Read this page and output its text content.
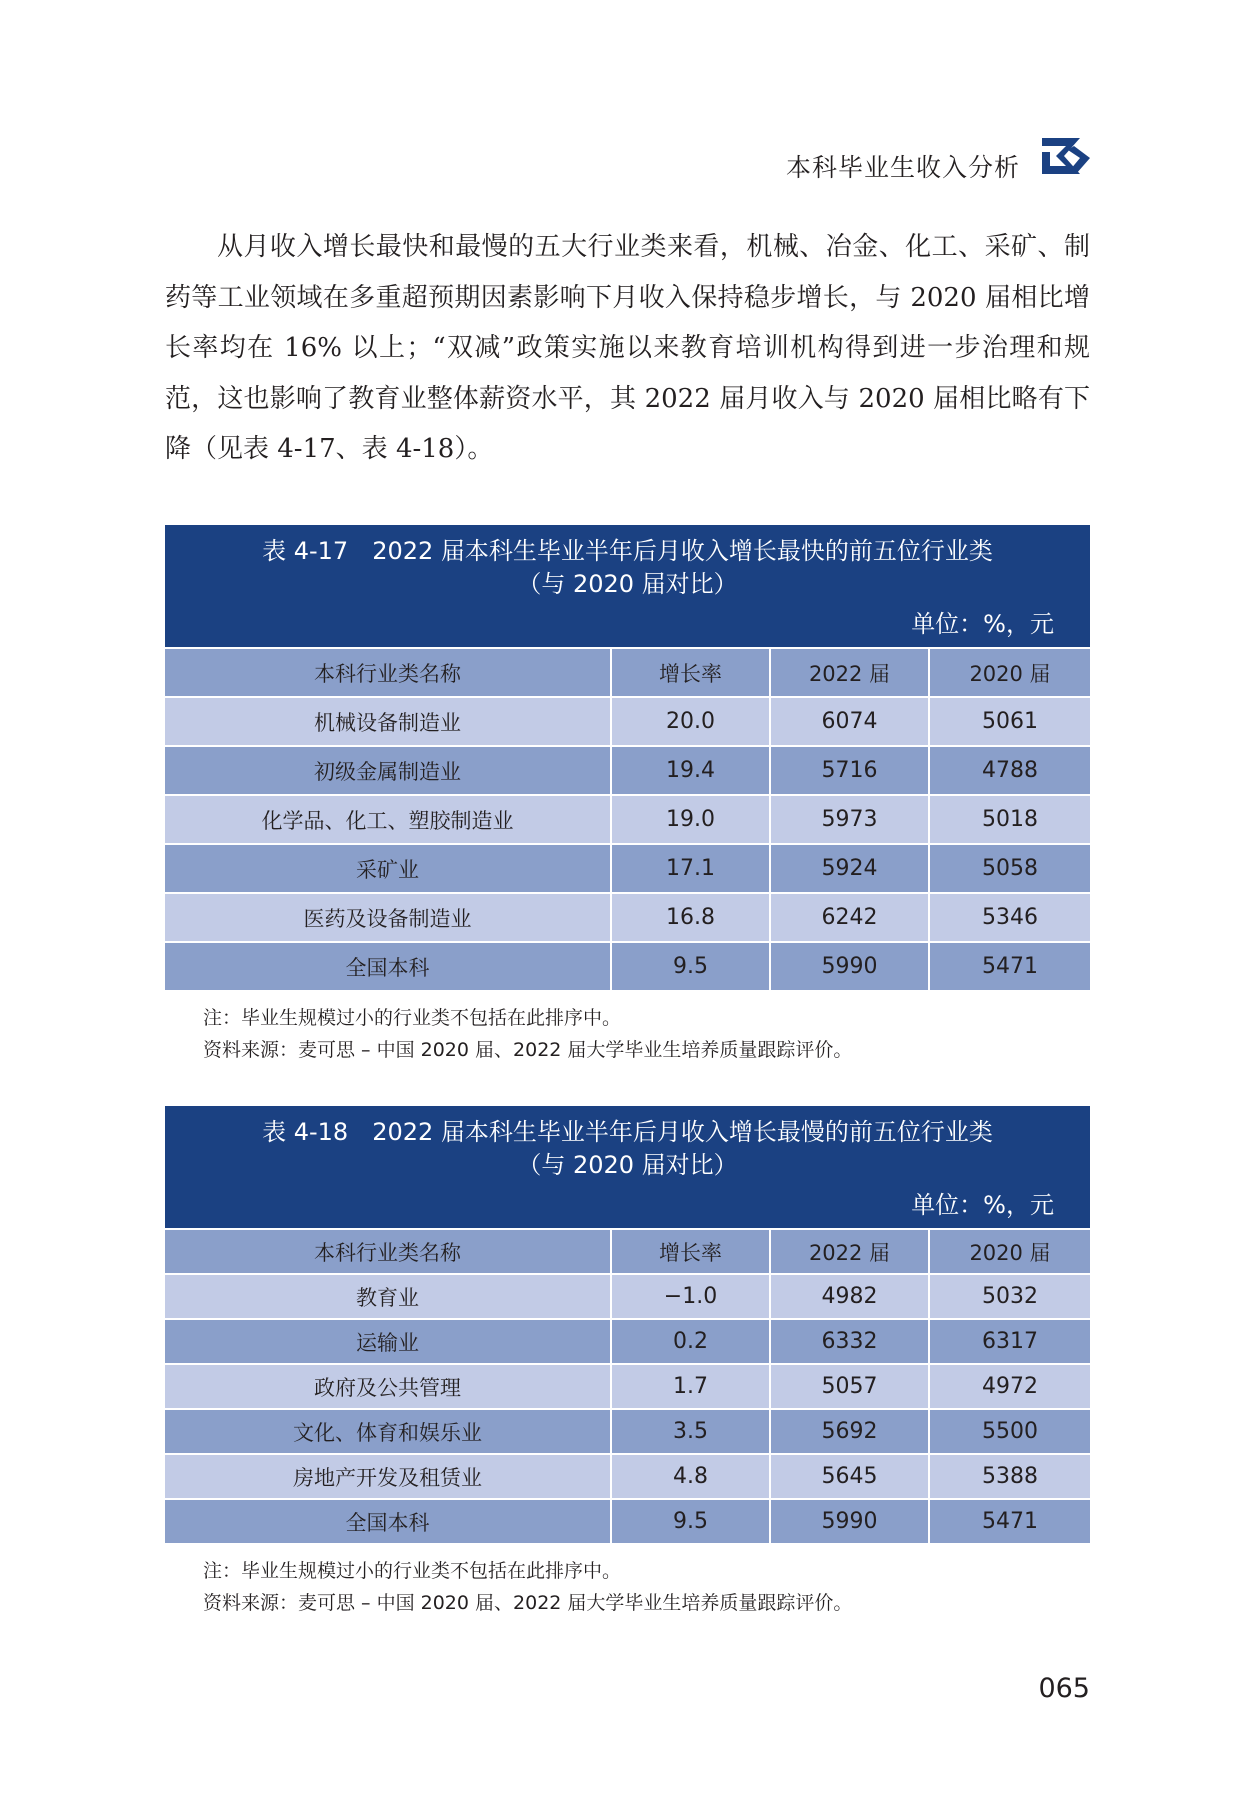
本科毕业生收入分析

从月收入增长最快和最慢的五大行业类来看，机械、冶金、化工、采矿、制药等工业领域在多重超预期因素影响下月收入保持稳步增长，与 2020 届相比增长率均在 16% 以上；“双减”政策实施以来教育培训机构得到进一步治理和规范，这也影响了教育业整体薪资水平，其 2022 届月收入与 2020 届相比略有下降（见表 4-17、表 4-18）。

表 4-17　2022 届本科生毕业半年后月收入增长最快的前五位行业类
（与 2020 届对比）
单位：%，元
本科行业类名称	增长率	2022 届	2020 届
机械设备制造业	20.0	6074	5061
初级金属制造业	19.4	5716	4788
化学品、化工、塑胶制造业	19.0	5973	5018
采矿业	17.1	5924	5058
医药及设备制造业	16.8	6242	5346
全国本科	9.5	5990	5471
注：毕业生规模过小的行业类不包括在此排序中。
资料来源：麦可思 – 中国 2020 届、2022 届大学毕业生培养质量跟踪评价。
表 4-18　2022 届本科生毕业半年后月收入增长最慢的前五位行业类
（与 2020 届对比）
单位：%，元
本科行业类名称	增长率	2022 届	2020 届
教育业	−1.0	4982	5032
运输业	0.2	6332	6317
政府及公共管理	1.7	5057	4972
文化、体育和娱乐业	3.5	5692	5500
房地产开发及租赁业	4.8	5645	5388
全国本科	9.5	5990	5471
注：毕业生规模过小的行业类不包括在此排序中。
资料来源：麦可思 – 中国 2020 届、2022 届大学毕业生培养质量跟踪评价。
065
